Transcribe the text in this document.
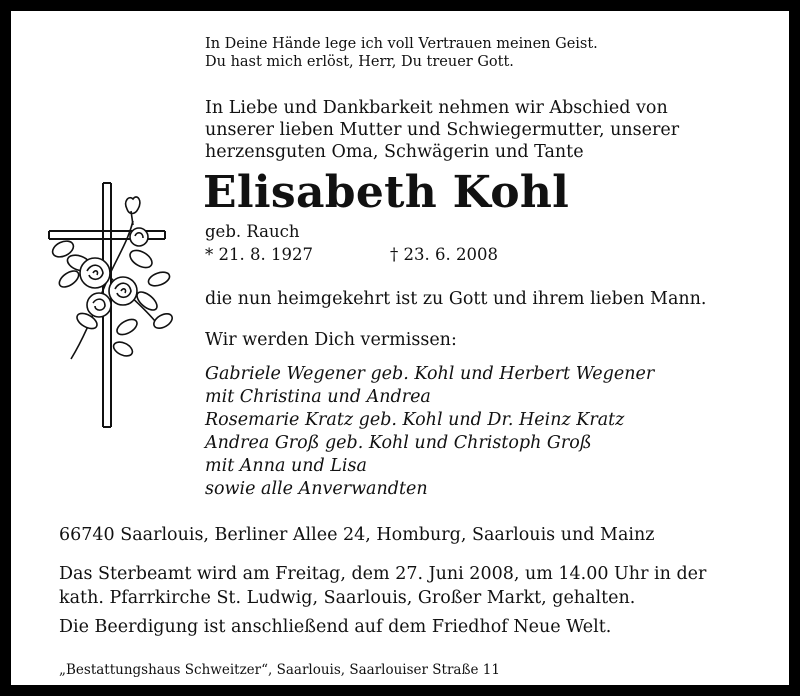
In Deine Hände lege ich voll Vertrauen meinen Geist.
Du hast mich erlöst, Herr, Du treuer Gott.
In Liebe und Dankbarkeit nehmen wir Abschied von
unserer lieben Mutter und Schwiegermutter, unserer
herzensguten Oma, Schwägerin und Tante
Elisabeth Kohl
geb. Rauch
* 21. 8. 1927	† 23. 6. 2008
die nun heimgekehrt ist zu Gott und ihrem lieben Mann.
Wir werden Dich vermissen:
Gabriele Wegener geb. Kohl und Herbert Wegener
mit Christina und Andrea
Rosemarie Kratz geb. Kohl und Dr. Heinz Kratz
Andrea Groß geb. Kohl und Christoph Groß
mit Anna und Lisa
sowie alle Anverwandten
66740 Saarlouis, Berliner Allee 24, Homburg, Saarlouis und Mainz
Das Sterbeamt wird am Freitag, dem 27. Juni 2008, um 14.00 Uhr in der
kath. Pfarrkirche St. Ludwig, Saarlouis, Großer Markt, gehalten.
Die Beerdigung ist anschließend auf dem Friedhof Neue Welt.
„Bestattungshaus Schweitzer“, Saarlouis, Saarlouiser Straße 11
